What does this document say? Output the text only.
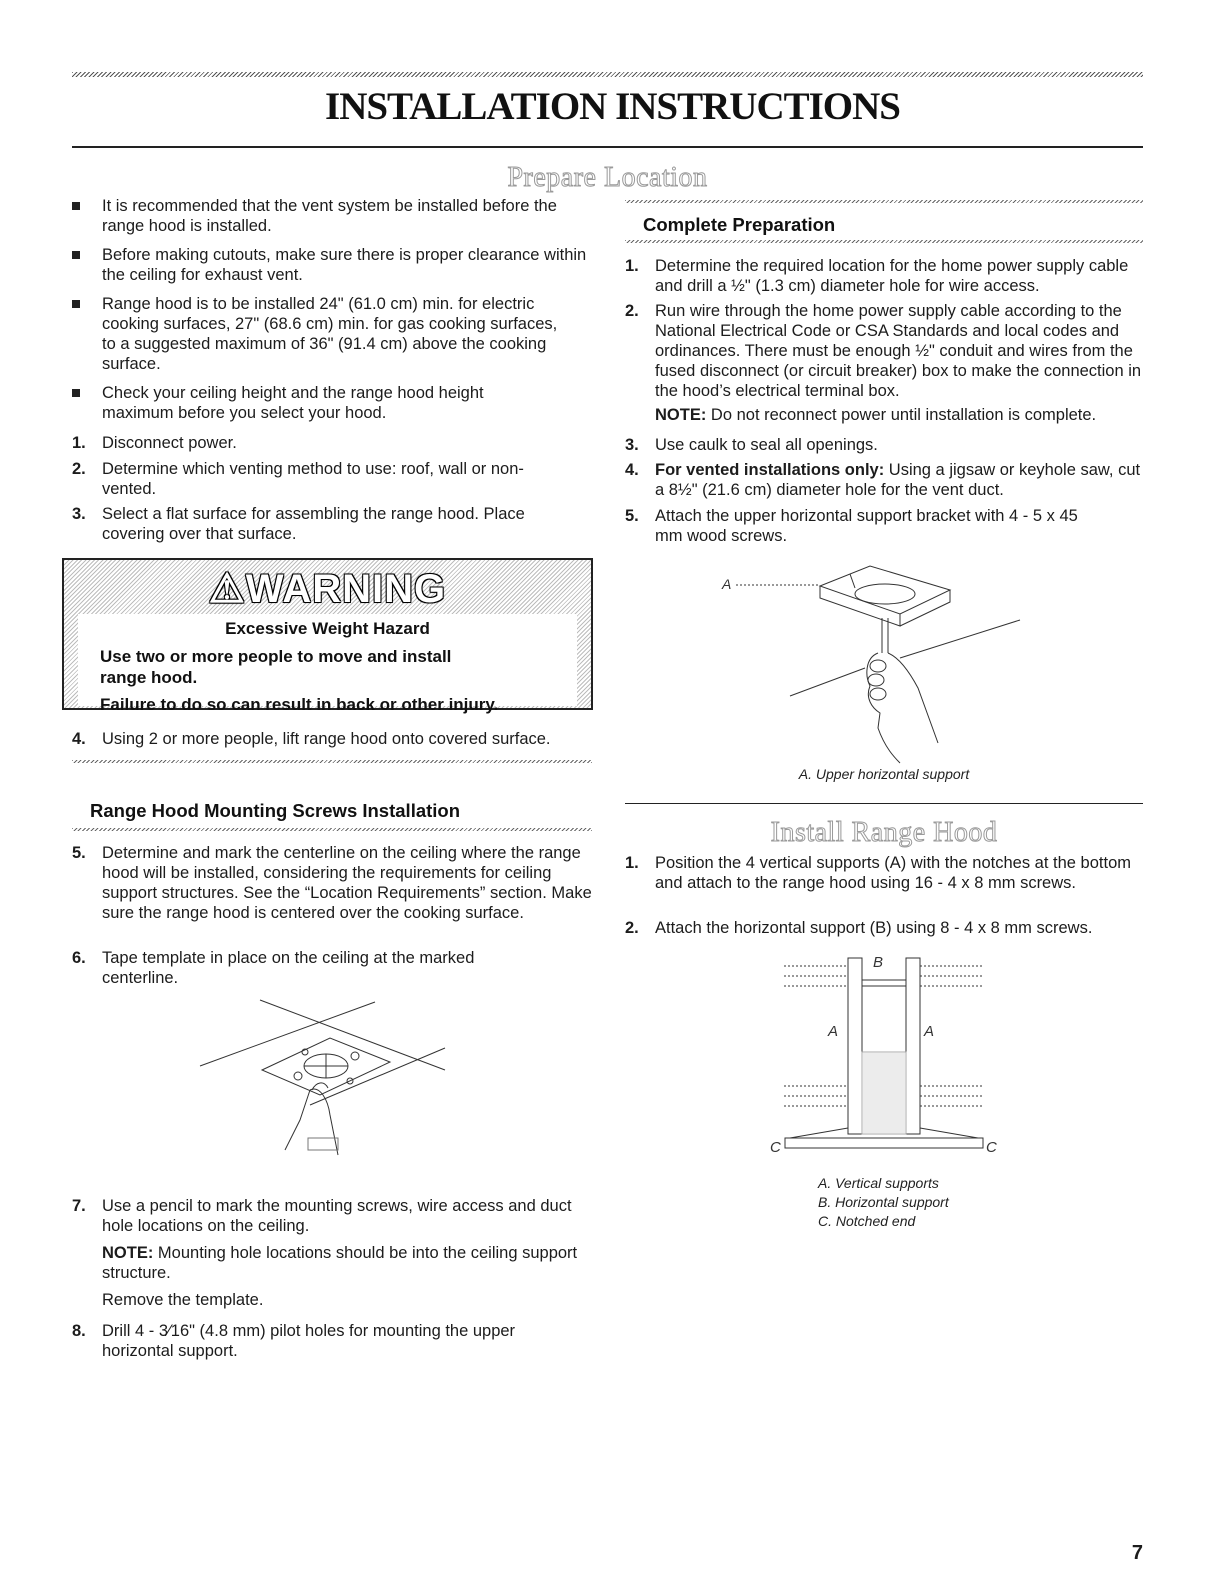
INSTALLATION INSTRUCTIONS
Prepare Location
It is recommended that the vent system be installed before the range hood is installed.
Before making cutouts, make sure there is proper clearance within the ceiling for exhaust vent.
Range hood is to be installed 24" (61.0 cm) min. for electric cooking surfaces, 27" (68.6 cm) min. for gas cooking surfaces, to a suggested maximum of 36" (91.4 cm) above the cooking surface.
Check your ceiling height and the range hood height maximum before you select your hood.
1. Disconnect power.
2. Determine which venting method to use: roof, wall or non-vented.
3. Select a flat surface for assembling the range hood. Place covering over that surface.
⚠WARNING
Excessive Weight Hazard
Use two or more people to move and install
range hood.
Failure to do so can result in back or other injury.
4. Using 2 or more people, lift range hood onto covered surface.
Range Hood Mounting Screws Installation
5. Determine and mark the centerline on the ceiling where the range hood will be installed, considering the requirements for ceiling support structures. See the “Location Requirements” section. Make sure the range hood is centered over the cooking surface.
6. Tape template in place on the ceiling at the marked centerline.
7. Use a pencil to mark the mounting screws, wire access and duct hole locations on the ceiling.
NOTE: Mounting hole locations should be into the ceiling support structure.
Remove the template.
8. Drill 4 - 3⁄16" (4.8 mm) pilot holes for mounting the upper horizontal support.
Complete Preparation
1. Determine the required location for the home power supply cable and drill a ½" (1.3 cm) diameter hole for wire access.
2. Run wire through the home power supply cable according to the National Electrical Code or CSA Standards and local codes and ordinances. There must be enough ½" conduit and wires from the fused disconnect (or circuit breaker) box to make the connection in the hood’s electrical terminal box.
NOTE: Do not reconnect power until installation is complete.
3. Use caulk to seal all openings.
4. For vented installations only: Using a jigsaw or keyhole saw, cut a 8½" (21.6 cm) diameter hole for the vent duct.
5. Attach the upper horizontal support bracket with 4 - 5 x 45 mm wood screws.
A
A. Upper horizontal support
Install Range Hood
1. Position the 4 vertical supports (A) with the notches at the bottom and attach to the range hood using 16 - 4 x 8 mm screws.
2. Attach the horizontal support (B) using 8 - 4 x 8 mm screws.
B
A	A
C	C
A. Vertical supports
B. Horizontal support
C. Notched end
7
